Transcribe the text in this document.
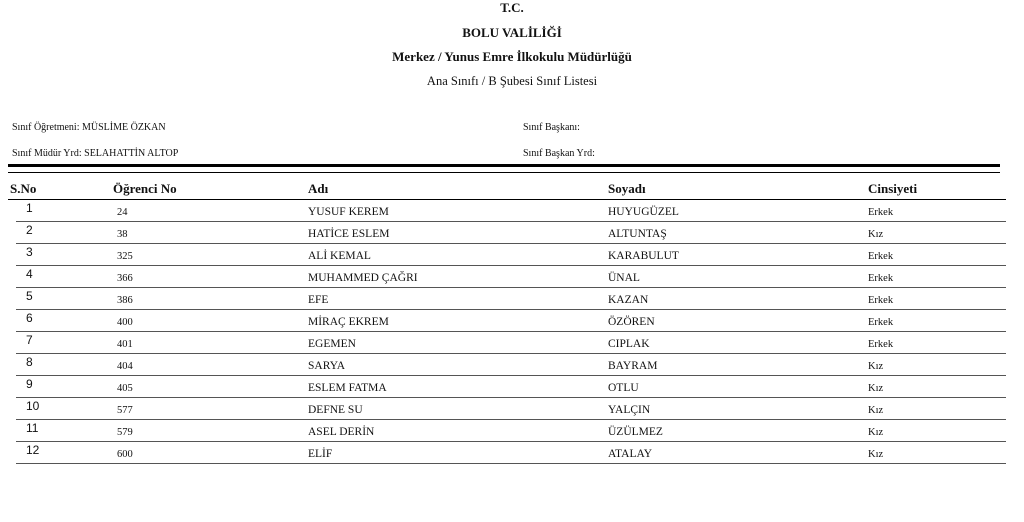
T.C.
BOLU VALİLİĞİ
Merkez / Yunus Emre İlkokulu Müdürlüğü
Ana Sınıfı / B Şubesi Sınıf Listesi
Sınıf Öğretmeni: MÜSLİME ÖZKAN
Sınıf Müdür Yrd: SELAHATTİN ALTOP
Sınıf Başkanı:
Sınıf Başkan Yrd:
S.No	Öğrenci No	Adı	Soyadı	Cinsiyeti
1	24	YUSUF KEREM	HUYUGÜZEL	Erkek
2	38	HATİCE ESLEM	ALTUNTAŞ	Kız
3	325	ALİ KEMAL	KARABULUT	Erkek
4	366	MUHAMMED ÇAĞRI	ÜNAL	Erkek
5	386	EFE	KAZAN	Erkek
6	400	MİRAÇ EKREM	ÖZÖREN	Erkek
7	401	EGEMEN	CIPLAK	Erkek
8	404	SARYA	BAYRAM	Kız
9	405	ESLEM FATMA	OTLU	Kız
10	577	DEFNE SU	YALÇIN	Kız
11	579	ASEL DERİN	ÜZÜLMEZ	Kız
12	600	ELİF	ATALAY	Kız
